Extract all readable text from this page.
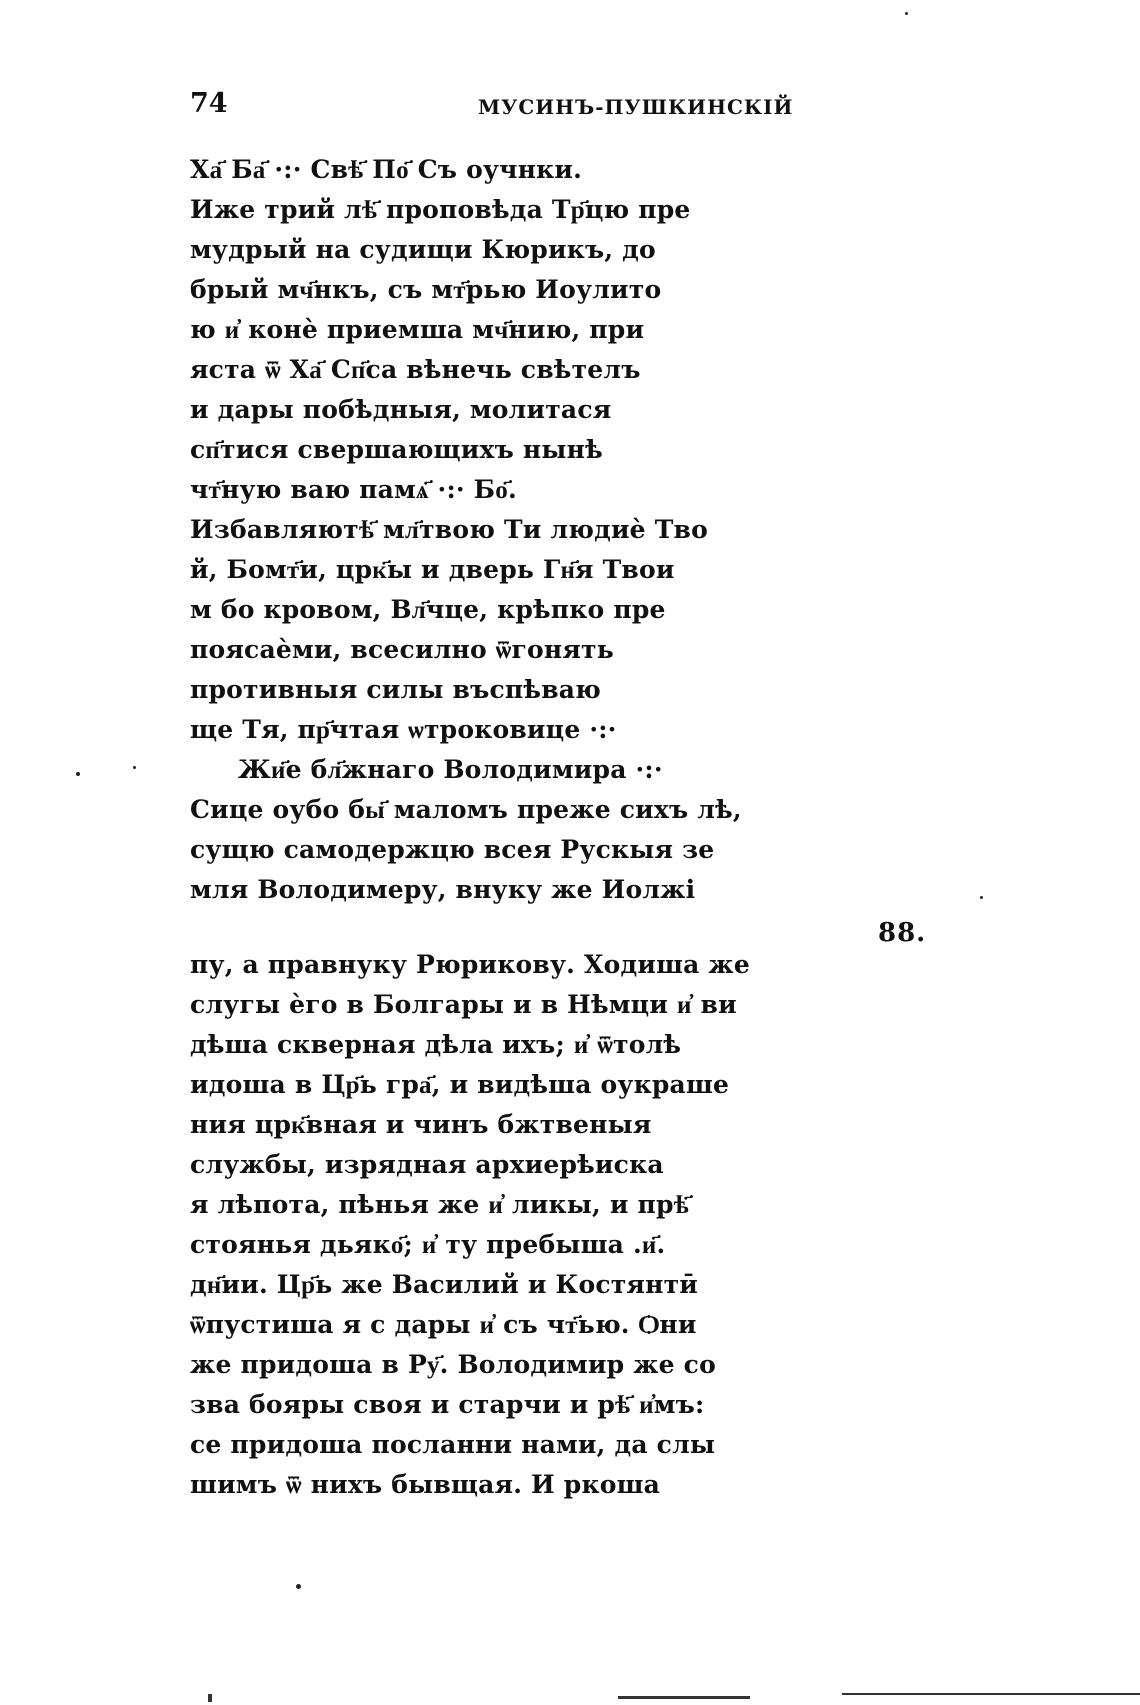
74	МУСИНЪ-ПУШКИНСКІЙ
Ха҃ Ба҃ ·:· Свѣ҃ По҃ Съ оучнки.
Иже трий лѣ҃ проповѣда Тр҃цю пре
мудрый на судищи Кюрикъ, до
брый мч҃нкъ, съ мт҃рью Иоулито
ю и҆ конѐ приемша мч҃нию, при
яста ѿ Ха҃ Сп҃са вѣнечь свѣтелъ
и дары побѣдныя, молитася
сп҃тися свершающихъ нынѣ
чт҃ную ваю памѧ҃ ·:· Бо҃.
Избавляютѣ҃ мл҃твою Ти людиѐ Тво
й, Бомт҃и, црк҃ы и дверь Гн҃я Твои
м бо кровом, Вл҃чце, крѣпко пре
поясаѐми, всесилно ѿгонять
противныя силы въспѣваю
ще Тя, пр҃чтая ѡтроковице ·:·
Жи҃е бл҃жнаго Володимира ·:·
Сице оубо бы҃ маломъ преже сихъ лѣ,
сущю самодержцю всея Рускыя зе
мля Володимеру, внуку же Иолжі
88.
пу, а правнуку Рюрикову. Ходиша же
слугы ѐго в Болгары и в Нѣмци и҆ ви
дѣша скверная дѣла ихъ; и҆ ѿтолѣ
идоша в Цр҃ь гра҃, и видѣша оукраше
ния црк҃вная и чинъ бжтвеныя
службы, изрядная архиерѣиска
я лѣпота, пѣнья же и҆ ликы, и прѣ҃
стоянья дьяко҃; и҆ ту пребыша .и҃.
дн҃ии. Цр҃ь же Василий и Костянтӣ
ѿпустиша я с дары и҆ съ чт҃ью. Ѻни
же придоша в Ру҃. Володимир же со
зва бояры своя и старчи и рѣ҃ и҆мъ:
се придоша посланни нами, да слы
шимъ ѿ нихъ бывщая. И ркоша
